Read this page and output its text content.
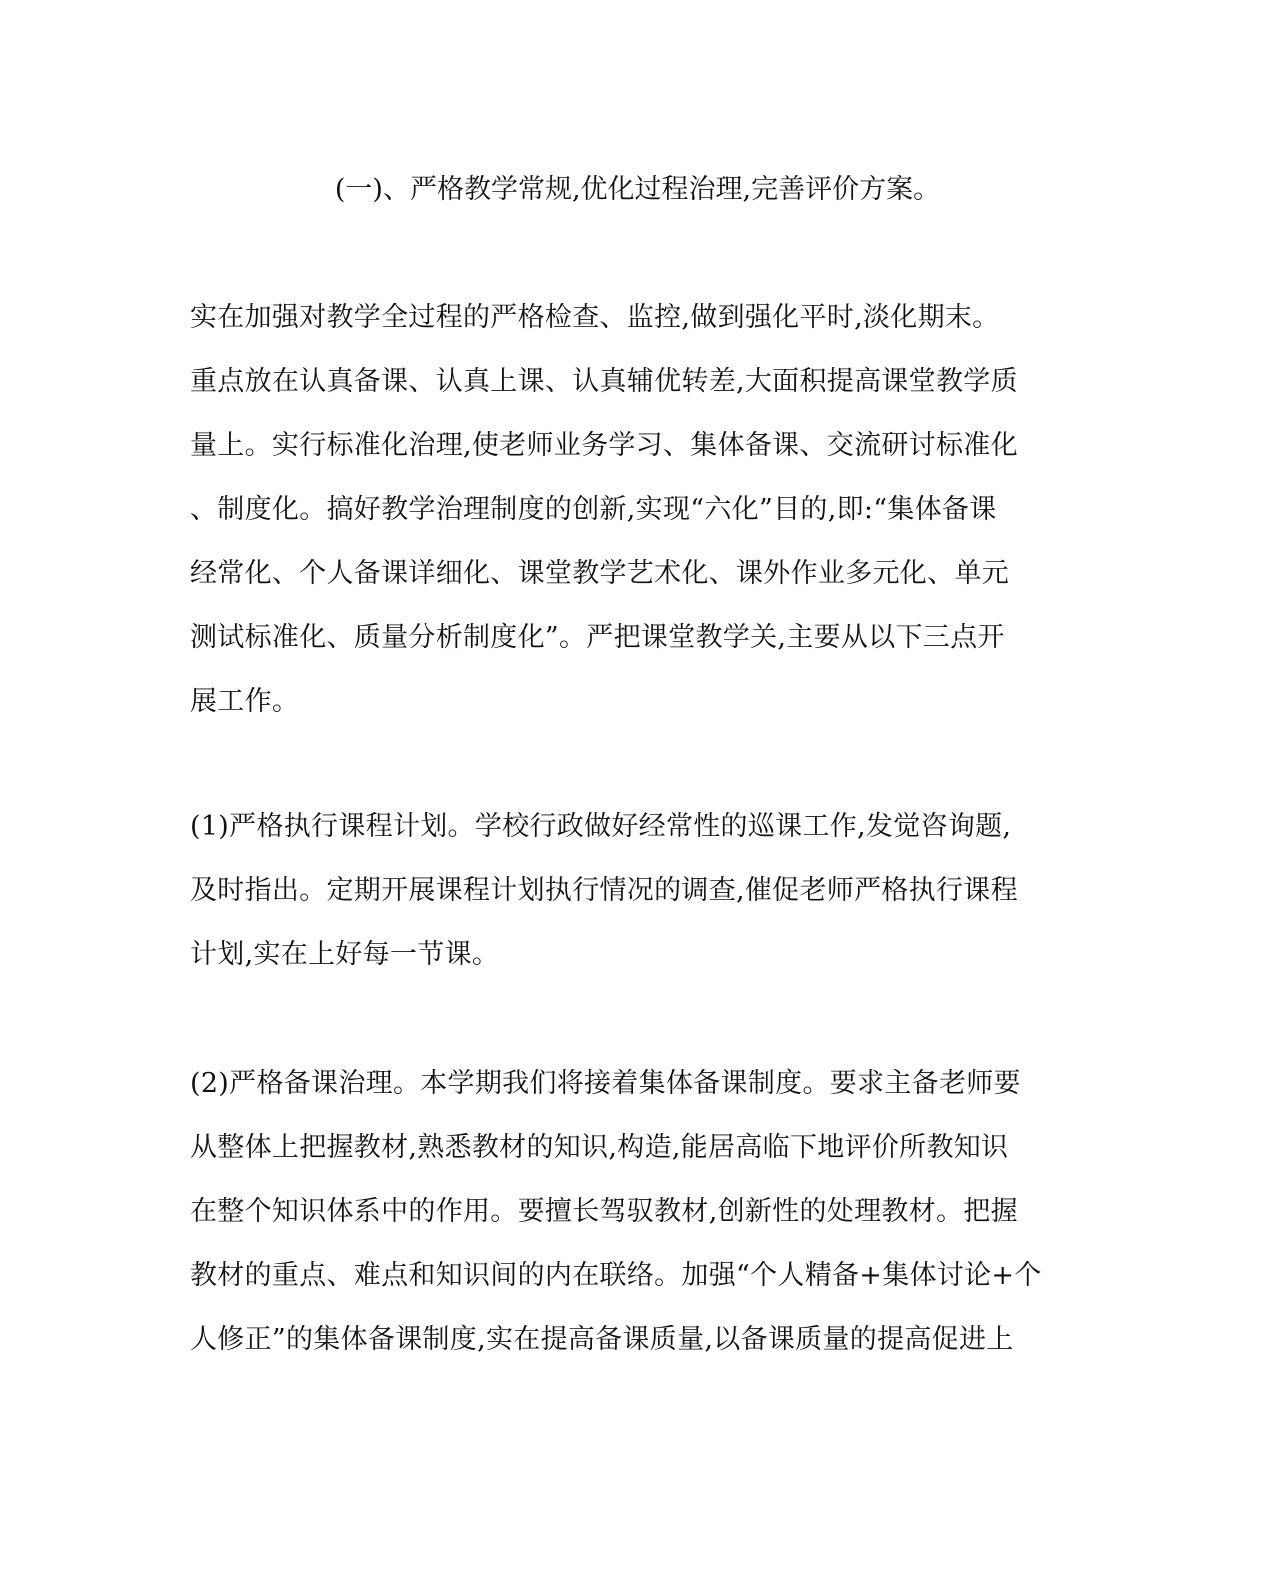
(一)、严格教学常规,优化过程治理,完善评价方案。
实在加强对教学全过程的严格检查、监控,做到强化平时,淡化期末。
重点放在认真备课、认真上课、认真辅优转差,大面积提高课堂教学质
量上。实行标准化治理,使老师业务学习、集体备课、交流研讨标准化
、制度化。搞好教学治理制度的创新,实现“六化”目的,即:“集体备课
经常化、个人备课详细化、课堂教学艺术化、课外作业多元化、单元
测试标准化、质量分析制度化”。严把课堂教学关,主要从以下三点开
展工作。
(1)严格执行课程计划。学校行政做好经常性的巡课工作,发觉咨询题,
及时指出。定期开展课程计划执行情况的调查,催促老师严格执行课程
计划,实在上好每一节课。
(2)严格备课治理。本学期我们将接着集体备课制度。要求主备老师要
从整体上把握教材,熟悉教材的知识,构造,能居高临下地评价所教知识
在整个知识体系中的作用。要擅长驾驭教材,创新性的处理教材。把握
教材的重点、难点和知识间的内在联络。加强“个人精备+集体讨论+个
人修正”的集体备课制度,实在提高备课质量,以备课质量的提高促进上
